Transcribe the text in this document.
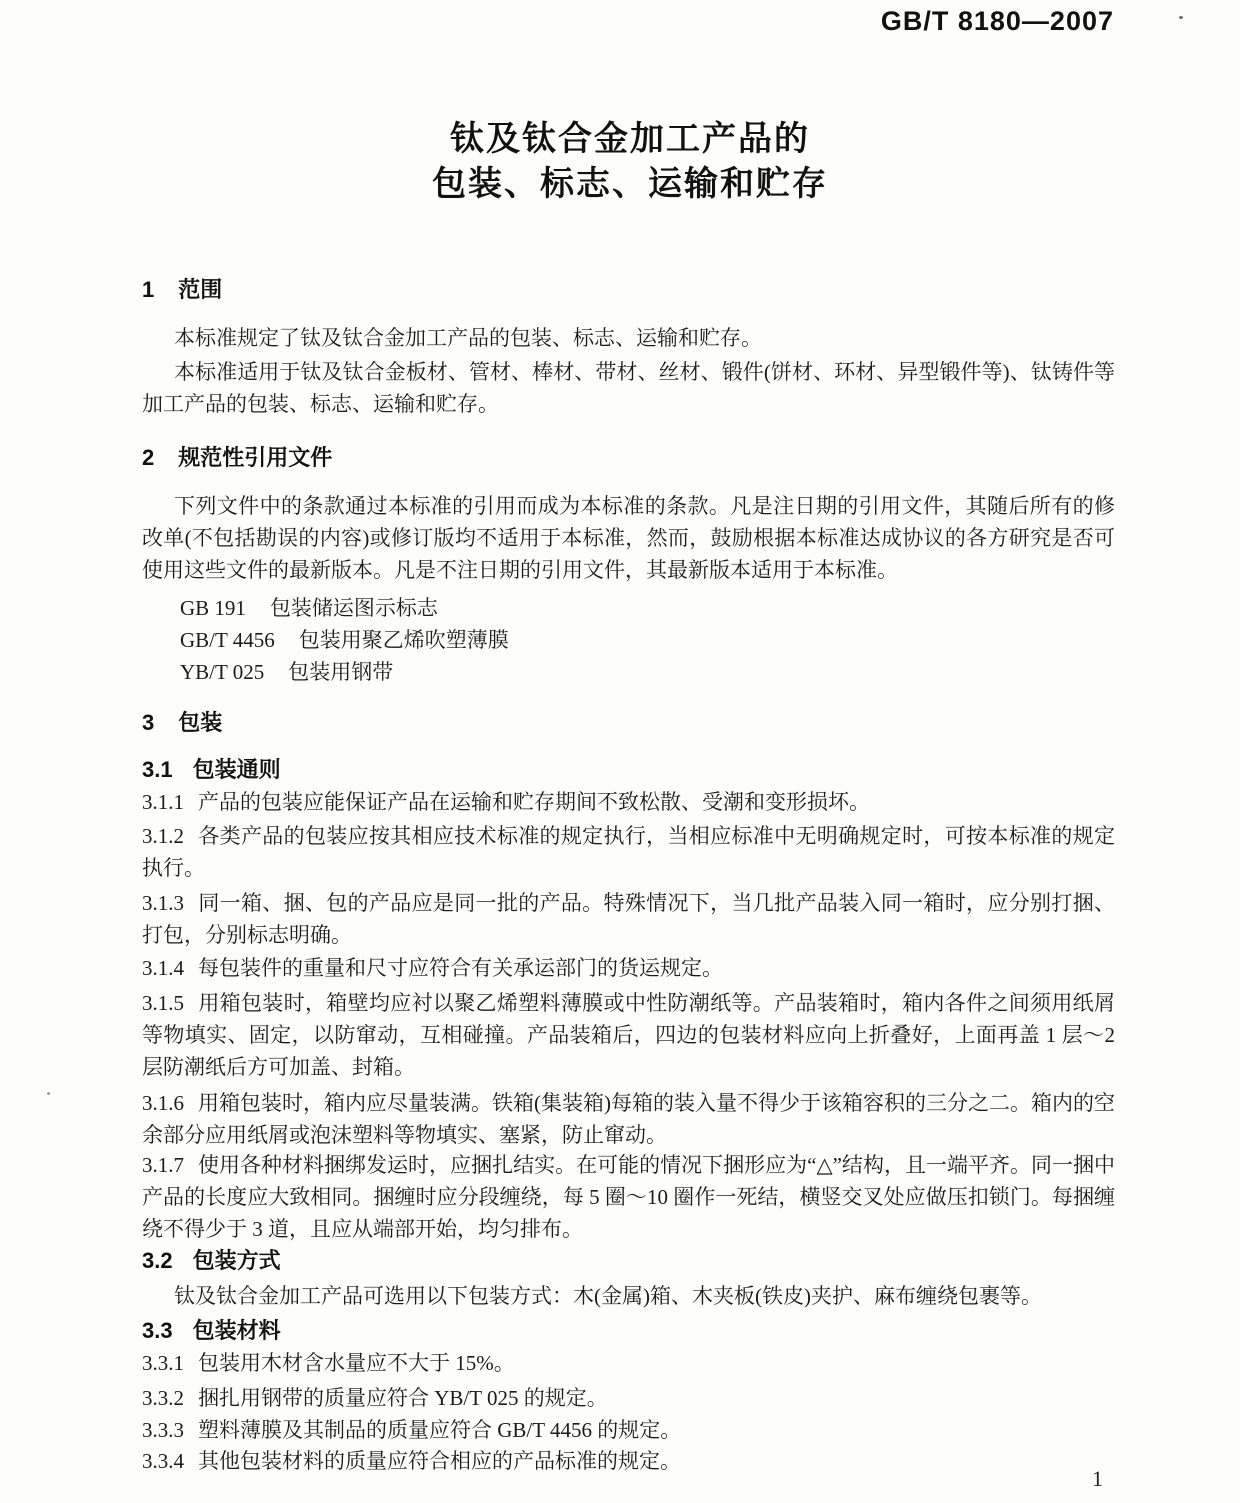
GB/T 8180—2007
钛及钛合金加工产品的
包装、标志、运输和贮存

1 范围

本标准规定了钛及钛合金加工产品的包装、标志、运输和贮存。

本标准适用于钛及钛合金板材、管材、棒材、带材、丝材、锻件(饼材、环材、异型锻件等)、钛铸件等加工产品的包装、标志、运输和贮存。

2 规范性引用文件

下列文件中的条款通过本标准的引用而成为本标准的条款。凡是注日期的引用文件，其随后所有的修改单(不包括勘误的内容)或修订版均不适用于本标准，然而，鼓励根据本标准达成协议的各方研究是否可使用这些文件的最新版本。凡是不注日期的引用文件，其最新版本适用于本标准。

GB 191 包装储运图示标志

GB/T 4456 包装用聚乙烯吹塑薄膜

YB/T 025 包装用钢带

3 包装

3.1 包装通则

3.1.1 产品的包装应能保证产品在运输和贮存期间不致松散、受潮和变形损坏。

3.1.2 各类产品的包装应按其相应技术标准的规定执行，当相应标准中无明确规定时，可按本标准的规定执行。

3.1.3 同一箱、捆、包的产品应是同一批的产品。特殊情况下，当几批产品装入同一箱时，应分别打捆、打包，分别标志明确。

3.1.4 每包装件的重量和尺寸应符合有关承运部门的货运规定。

3.1.5 用箱包装时，箱壁均应衬以聚乙烯塑料薄膜或中性防潮纸等。产品装箱时，箱内各件之间须用纸屑等物填实、固定，以防窜动，互相碰撞。产品装箱后，四边的包装材料应向上折叠好，上面再盖 1 层～2 层防潮纸后方可加盖、封箱。

3.1.6 用箱包装时，箱内应尽量装满。铁箱(集装箱)每箱的装入量不得少于该箱容积的三分之二。箱内的空余部分应用纸屑或泡沫塑料等物填实、塞紧，防止窜动。

3.1.7 使用各种材料捆绑发运时，应捆扎结实。在可能的情况下捆形应为“△”结构，且一端平齐。同一捆中产品的长度应大致相同。捆缠时应分段缠绕，每 5 圈～10 圈作一死结，横竖交叉处应做压扣锁门。每捆缠绕不得少于 3 道，且应从端部开始，均匀排布。

3.2 包装方式

钛及钛合金加工产品可选用以下包装方式：木(金属)箱、木夹板(铁皮)夹护、麻布缠绕包裹等。

3.3 包装材料

3.3.1 包装用木材含水量应不大于 15%。

3.3.2 捆扎用钢带的质量应符合 YB/T 025 的规定。

3.3.3 塑料薄膜及其制品的质量应符合 GB/T 4456 的规定。

3.3.4 其他包装材料的质量应符合相应的产品标准的规定。

1
